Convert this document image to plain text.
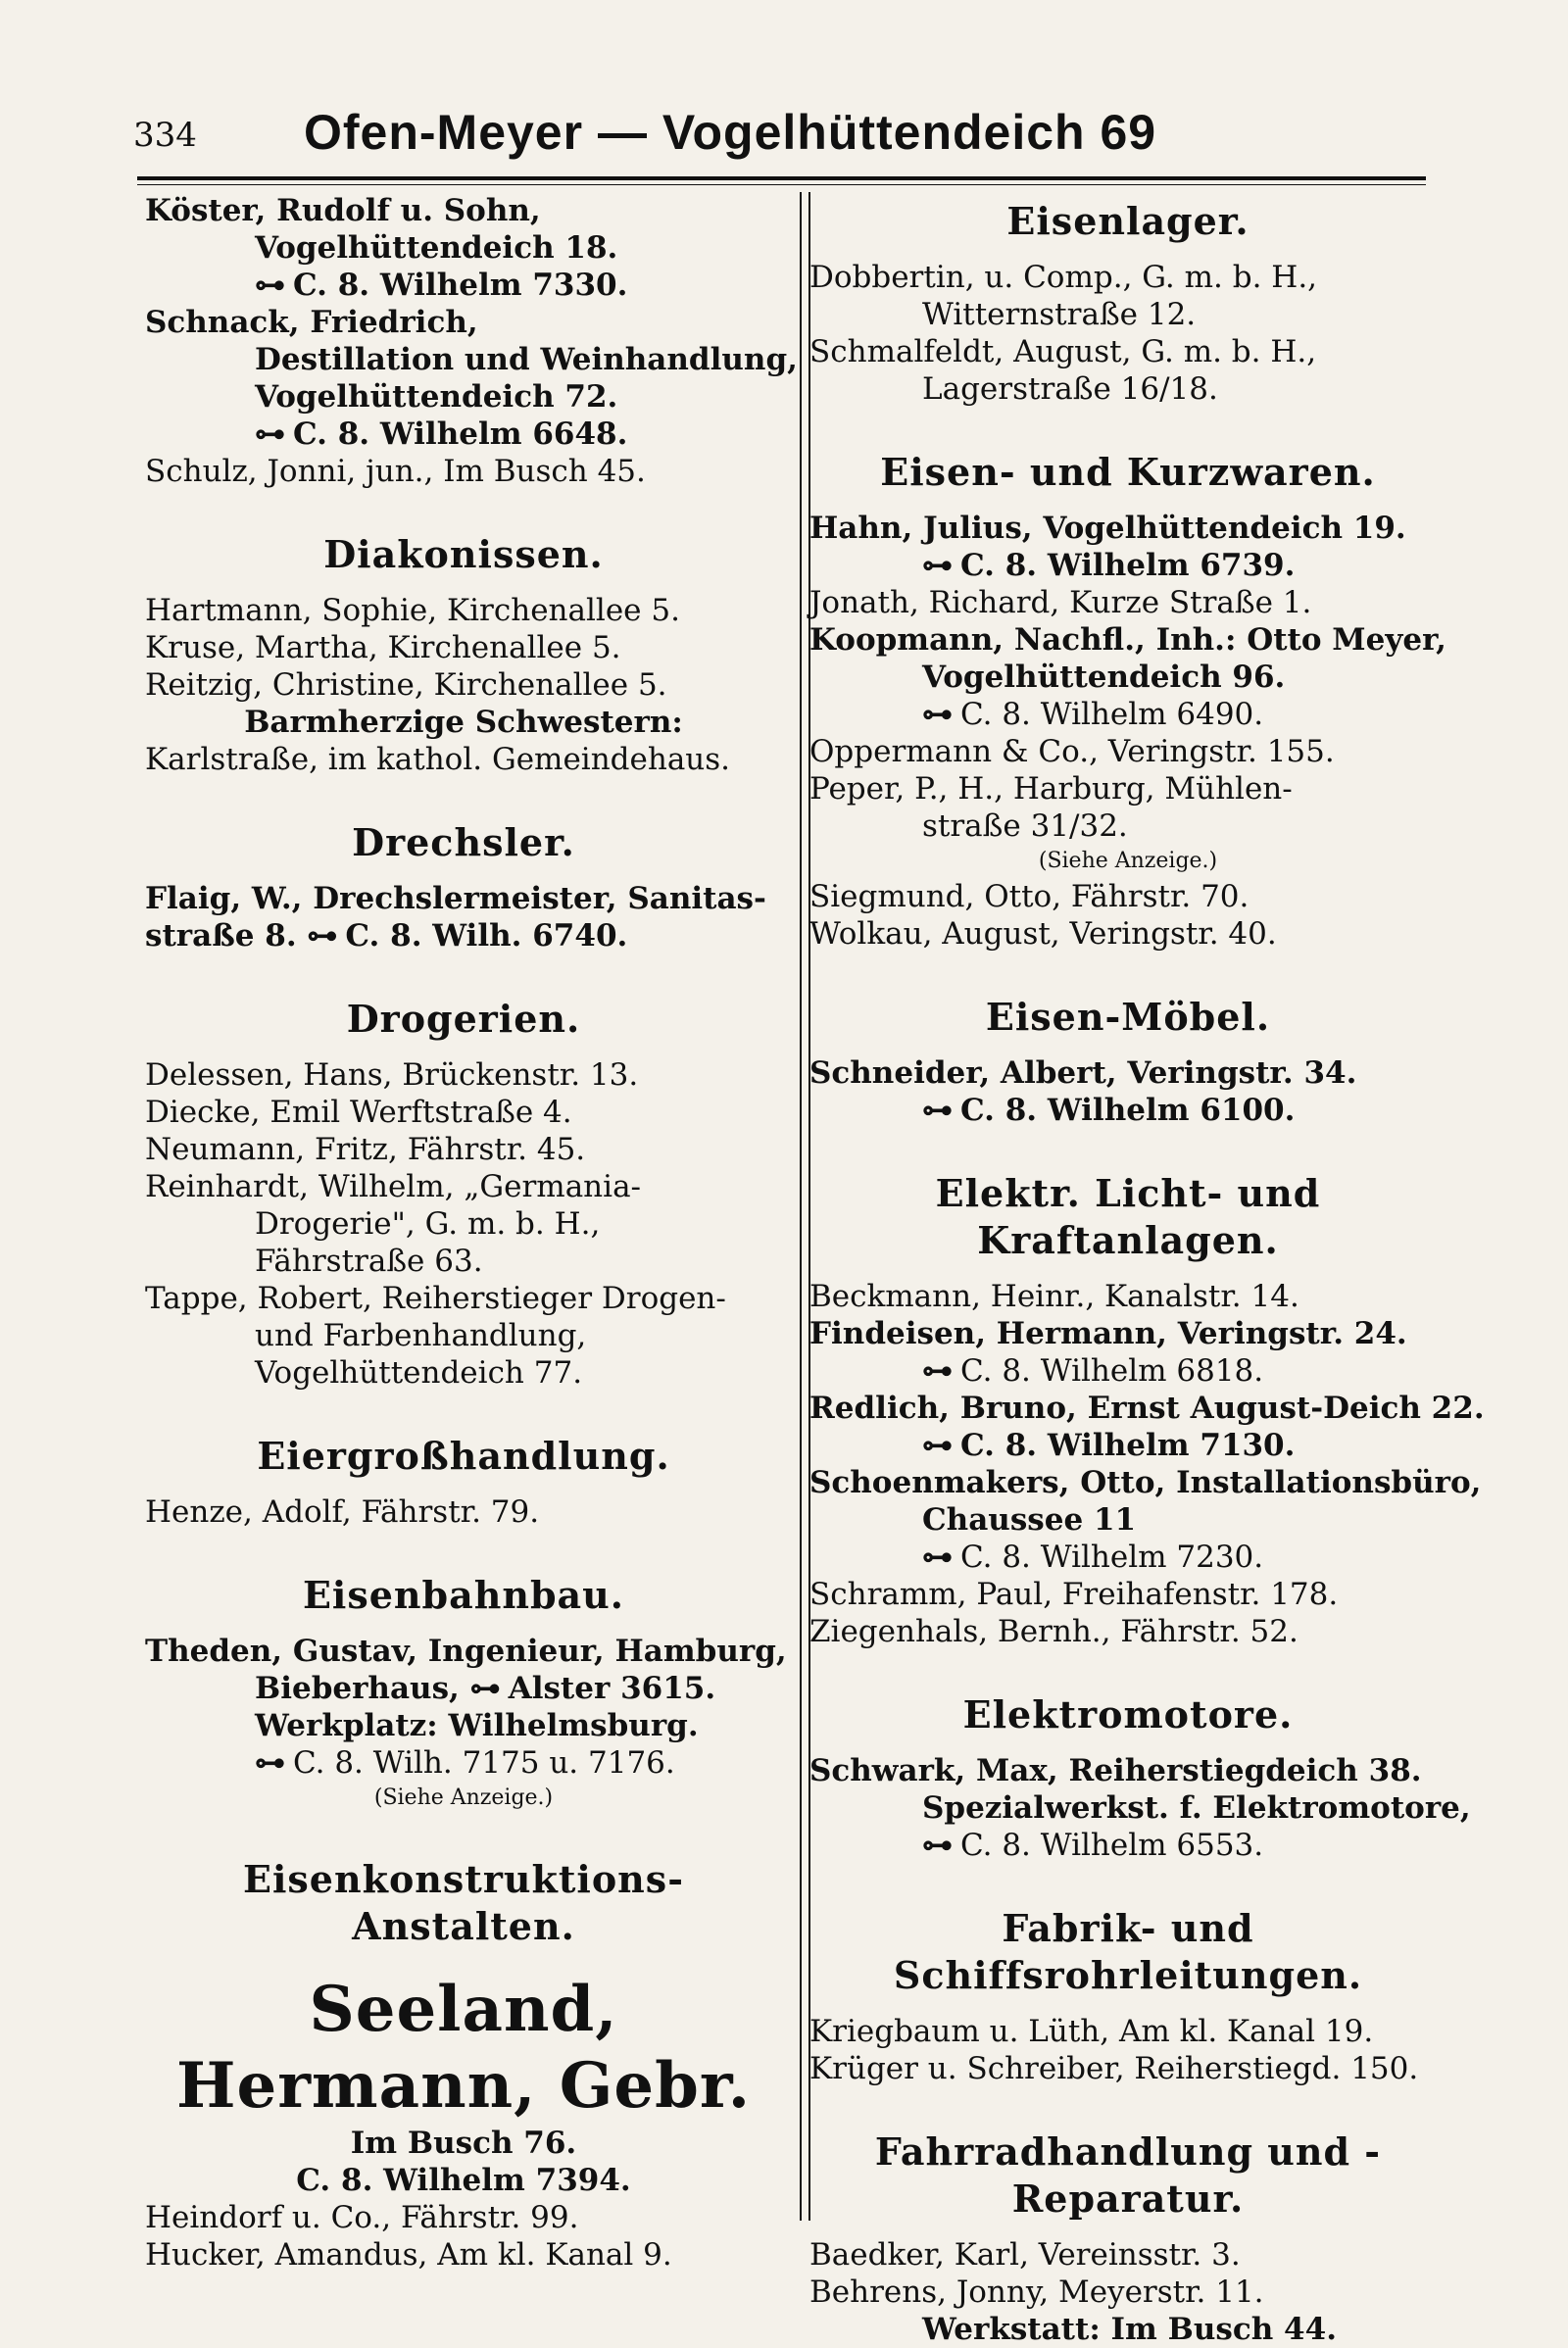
334 Ofen-Meyer — Vogelhüttendeich 69
Köster, Rudolf u. Sohn,
Vogelhüttendeich 18.
⊶ C. 8. Wilhelm 7330.
Schnack, Friedrich,
Destillation und Weinhandlung,
Vogelhüttendeich 72.
⊶ C. 8. Wilhelm 6648.
Schulz, Jonni, jun., Im Busch 45.
Diakonissen.
Hartmann, Sophie, Kirchenallee 5.
Kruse, Martha, Kirchenallee 5.
Reitzig, Christine, Kirchenallee 5.
Barmherzige Schwestern:
Karlstraße, im kathol. Gemeindehaus.
Drechsler.
Flaig, W., Drechslermeister, Sanitas-
straße 8. ⊶ C. 8. Wilh. 6740.
Drogerien.
Delessen, Hans, Brückenstr. 13.
Diecke, Emil Werftstraße 4.
Neumann, Fritz, Fährstr. 45.
Reinhardt, Wilhelm, „Germania-
Drogerie", G. m. b. H.,
Fährstraße 63.
Tappe, Robert, Reiherstieger Drogen-
und Farbenhandlung,
Vogelhüttendeich 77.
Eiergroßhandlung.
Henze, Adolf, Fährstr. 79.
Eisenbahnbau.
Theden, Gustav, Ingenieur, Hamburg,
Bieberhaus, ⊶ Alster 3615.
Werkplatz: Wilhelmsburg.
⊶ C. 8. Wilh. 7175 u. 7176.
(Siehe Anzeige.)
Eisenkonstruktions-Anstalten.
Seeland, Hermann, Gebr.
Im Busch 76.
C. 8. Wilhelm 7394.
Heindorf u. Co., Fährstr. 99.
Hucker, Amandus, Am kl. Kanal 9.
Eisenlager.
Dobbertin, u. Comp., G. m. b. H.,
Witternstraße 12.
Schmalfeldt, August, G. m. b. H.,
Lagerstraße 16/18.
Eisen- und Kurzwaren.
Hahn, Julius, Vogelhüttendeich 19.
⊶ C. 8. Wilhelm 6739.
Jonath, Richard, Kurze Straße 1.
Koopmann, Nachfl., Inh.: Otto Meyer,
Vogelhüttendeich 96.
⊶ C. 8. Wilhelm 6490.
Oppermann & Co., Veringstr. 155.
Peper, P., H., Harburg, Mühlen-
straße 31/32.
(Siehe Anzeige.)
Siegmund, Otto, Fährstr. 70.
Wolkau, August, Veringstr. 40.
Eisen-Möbel.
Schneider, Albert, Veringstr. 34.
⊶ C. 8. Wilhelm 6100.
Elektr. Licht- und Kraftanlagen.
Beckmann, Heinr., Kanalstr. 14.
Findeisen, Hermann, Veringstr. 24.
⊶ C. 8. Wilhelm 6818.
Redlich, Bruno, Ernst August-Deich 22.
⊶ C. 8. Wilhelm 7130.
Schoenmakers, Otto, Installationsbüro,
Chaussee 11
⊶ C. 8. Wilhelm 7230.
Schramm, Paul, Freihafenstr. 178.
Ziegenhals, Bernh., Fährstr. 52.
Elektromotore.
Schwark, Max, Reiherstiegdeich 38.
Spezialwerkst. f. Elektromotore,
⊶ C. 8. Wilhelm 6553.
Fabrik- und Schiffsrohrleitungen.
Kriegbaum u. Lüth, Am kl. Kanal 19.
Krüger u. Schreiber, Reiherstiegd. 150.
Fahrradhandlung und -Reparatur.
Baedker, Karl, Vereinsstr. 3.
Behrens, Jonny, Meyerstr. 11.
Werkstatt: Im Busch 44.
